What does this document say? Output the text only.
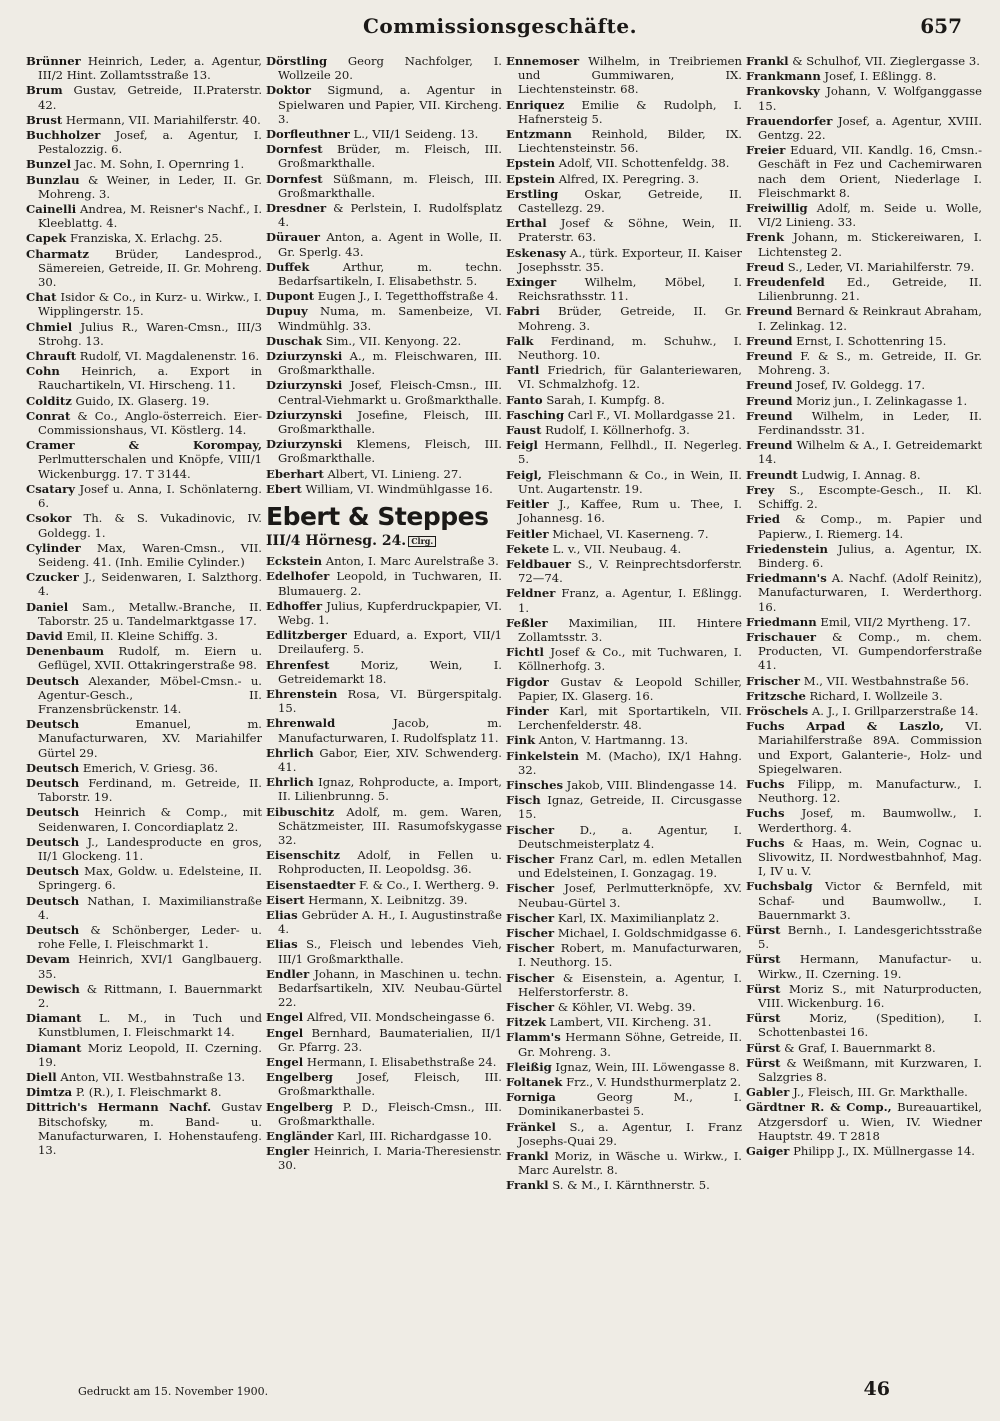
Commissionsgeschäfte.	657
Brünner Heinrich, Leder, a. Agentur, III/2 Hint. Zollamtsstraße 13.
Brum Gustav, Getreide, II.Praterstr. 42.
Brust Hermann, VII. Mariahilferstr. 40.
Buchholzer Josef, a. Agentur, I. Pestalozzig. 6.
Bunzel Jac. M. Sohn, I. Opernring 1.
Bunzlau & Weiner, in Leder, II. Gr. Mohreng. 3.
Cainelli Andrea, M. Reisner's Nachf., I. Kleeblattg. 4.
Capek Franziska, X. Erlachg. 25.
Charmatz Brüder, Landesprod., Sämereien, Getreide, II. Gr. Mohreng. 30.
Chat Isidor & Co., in Kurz- u. Wirkw., I. Wipplingerstr. 15.
Chmiel Julius R., Waren-Cmsn., III/3 Strohg. 13.
Chrauft Rudolf, VI. Magdalenenstr. 16.
Cohn Heinrich, a. Export in Rauchartikeln, VI. Hirscheng. 11.
Colditz Guido, IX. Glaserg. 19.
Conrat & Co., Anglo-österreich. Eier-Commissionshaus, VI. Köstlerg. 14.
Cramer & Korompay, Perlmutterschalen und Knöpfe, VIII/1 Wickenburgg. 17. T 3144.
Csatary Josef u. Anna, I. Schönlaterng. 6.
Csokor Th. & S. Vukadinovic, IV. Goldegg. 1.
Cylinder Max, Waren-Cmsn., VII. Seideng. 41. (Inh. Emilie Cylinder.)
Czucker J., Seidenwaren, I. Salzthorg. 4.
Daniel Sam., Metallw.-Branche, II. Taborstr. 25 u. Tandelmarktgasse 17.
David Emil, II. Kleine Schiffg. 3.
Denenbaum Rudolf, m. Eiern u. Geflügel, XVII. Ottakringerstraße 98.
Deutsch Alexander, Möbel-Cmsn.- u. Agentur-Gesch., II. Franzensbrückenstr. 14.
Deutsch Emanuel, m. Manufacturwaren, XV. Mariahilfer Gürtel 29.
Deutsch Emerich, V. Griesg. 36.
Deutsch Ferdinand, m. Getreide, II. Taborstr. 19.
Deutsch Heinrich & Comp., mit Seidenwaren, I. Concordiaplatz 2.
Deutsch J., Landesproducte en gros, II/1 Glockeng. 11.
Deutsch Max, Goldw. u. Edelsteine, II. Springerg. 6.
Deutsch Nathan, I. Maximilianstraße 4.
Deutsch & Schönberger, Leder- u. rohe Felle, I. Fleischmarkt 1.
Devam Heinrich, XVI/1 Ganglbauerg. 35.
Dewisch & Rittmann, I. Bauernmarkt 2.
Diamant L. M., in Tuch und Kunstblumen, I. Fleischmarkt 14.
Diamant Moriz Leopold, II. Czerning. 19.
Diell Anton, VII. Westbahnstraße 13.
Dimtza P. (R.), I. Fleischmarkt 8.
Dittrich's Hermann Nachf. Gustav Bitschofsky, m. Band- u. Manufacturwaren, I. Hohenstaufeng. 13.
Dörstling Georg Nachfolger, I. Wollzeile 20.
Doktor Sigmund, a. Agentur in Spielwaren und Papier, VII. Kircheng. 3.
Dorfleuthner L., VII/1 Seideng. 13.
Dornfest Brüder, m. Fleisch, III. Großmarkthalle.
Dornfest Süßmann, m. Fleisch, III. Großmarkthalle.
Dresdner & Perlstein, I. Rudolfsplatz 4.
Dürauer Anton, a. Agent in Wolle, II. Gr. Sperlg. 43.
Duffek Arthur, m. techn. Bedarfsartikeln, I. Elisabethstr. 5.
Dupont Eugen J., I. Tegetthoffstraße 4.
Dupuy Numa, m. Samenbeize, VI. Windmühlg. 33.
Duschak Sim., VII. Kenyong. 22.
Dziurzynski A., m. Fleischwaren, III. Großmarkthalle.
Dziurzynski Josef, Fleisch-Cmsn., III. Central-Viehmarkt u. Großmarkthalle.
Dziurzynski Josefine, Fleisch, III. Großmarkthalle.
Dziurzynski Klemens, Fleisch, III. Großmarkthalle.
Eberhart Albert, VI. Linieng. 27.
Ebert William, VI. Windmühlgasse 16.
Ebert & Steppes
III/4 Hörnesg. 24. Clrg.
Eckstein Anton, I. Marc Aurelstraße 3.
Edelhofer Leopold, in Tuchwaren, II. Blumauerg. 2.
Edhoffer Julius, Kupferdruckpapier, VI. Webg. 1.
Edlitzberger Eduard, a. Export, VII/1 Dreilauferg. 5.
Ehrenfest Moriz, Wein, I. Getreidemarkt 18.
Ehrenstein Rosa, VI. Bürgerspitalg. 15.
Ehrenwald Jacob, m. Manufacturwaren, I. Rudolfsplatz 11.
Ehrlich Gabor, Eier, XIV. Schwenderg. 41.
Ehrlich Ignaz, Rohproducte, a. Import, II. Lilienbrunng. 5.
Eibuschitz Adolf, m. gem. Waren, Schätzmeister, III. Rasumofskygasse 32.
Eisenschitz Adolf, in Fellen u. Rohproducten, II. Leopoldsg. 36.
Eisenstaedter F. & Co., I. Wertherg. 9.
Eisert Hermann, X. Leibnitzg. 39.
Elias Gebrüder A. H., I. Augustinstraße 4.
Elias S., Fleisch und lebendes Vieh, III/1 Großmarkthalle.
Endler Johann, in Maschinen u. techn. Bedarfsartikeln, XIV. Neubau-Gürtel 22.
Engel Alfred, VII. Mondscheingasse 6.
Engel Bernhard, Baumaterialien, II/1 Gr. Pfarrg. 23.
Engel Hermann, I. Elisabethstraße 24.
Engelberg Josef, Fleisch, III. Großmarkthalle.
Engelberg P. D., Fleisch-Cmsn., III. Großmarkthalle.
Engländer Karl, III. Richardgasse 10.
Engler Heinrich, I. Maria-Theresienstr. 30.
Ennemoser Wilhelm, in Treibriemen und Gummiwaren, IX. Liechtensteinstr. 68.
Enriquez Emilie & Rudolph, I. Hafnersteig 5.
Entzmann Reinhold, Bilder, IX. Liechtensteinstr. 56.
Epstein Adolf, VII. Schottenfeldg. 38.
Epstein Alfred, IX. Peregring. 3.
Erstling Oskar, Getreide, II. Castellezg. 29.
Erthal Josef & Söhne, Wein, II. Praterstr. 63.
Eskenasy A., türk. Exporteur, II. Kaiser Josephsstr. 35.
Exinger Wilhelm, Möbel, I. Reichsrathsstr. 11.
Fabri Brüder, Getreide, II. Gr. Mohreng. 3.
Falk Ferdinand, m. Schuhw., I. Neuthorg. 10.
Fantl Friedrich, für Galanteriewaren, VI. Schmalzhofg. 12.
Fanto Sarah, I. Kumpfg. 8.
Fasching Carl F., VI. Mollardgasse 21.
Faust Rudolf, I. Köllnerhofg. 3.
Feigl Hermann, Fellhdl., II. Negerleg. 5.
Feigl, Fleischmann & Co., in Wein, II. Unt. Augartenstr. 19.
Feitler J., Kaffee, Rum u. Thee, I. Johannesg. 16.
Feitler Michael, VI. Kaserneng. 7.
Fekete L. v., VII. Neubaug. 4.
Feldbauer S., V. Reinprechtsdorferstr. 72—74.
Feldner Franz, a. Agentur, I. Eßlingg. 1.
Feßler Maximilian, III. Hintere Zollamtsstr. 3.
Fichtl Josef & Co., mit Tuchwaren, I. Köllnerhofg. 3.
Figdor Gustav & Leopold Schiller, Papier, IX. Glaserg. 16.
Finder Karl, mit Sportartikeln, VII. Lerchenfelderstr. 48.
Fink Anton, V. Hartmanng. 13.
Finkelstein M. (Macho), IX/1 Hahng. 32.
Finsches Jakob, VIII. Blindengasse 14.
Fisch Ignaz, Getreide, II. Circusgasse 15.
Fischer D., a. Agentur, I. Deutschmeisterplatz 4.
Fischer Franz Carl, m. edlen Metallen und Edelsteinen, I. Gonzagag. 19.
Fischer Josef, Perlmutterknöpfe, XV. Neubau-Gürtel 3.
Fischer Karl, IX. Maximilianplatz 2.
Fischer Michael, I. Goldschmidgasse 6.
Fischer Robert, m. Manufacturwaren, I. Neuthorg. 15.
Fischer & Eisenstein, a. Agentur, I. Helferstorferstr. 8.
Fischer & Köhler, VI. Webg. 39.
Fitzek Lambert, VII. Kircheng. 31.
Flamm's Hermann Söhne, Getreide, II. Gr. Mohreng. 3.
Fleißig Ignaz, Wein, III. Löwengasse 8.
Foltanek Frz., V. Hundsthurmerplatz 2.
Forniga Georg M., I. Dominikanerbastei 5.
Fränkel S., a. Agentur, I. Franz Josephs-Quai 29.
Frankl Moriz, in Wäsche u. Wirkw., I. Marc Aurelstr. 8.
Frankl S. & M., I. Kärnthnerstr. 5.
Frankl & Schulhof, VII. Zieglergasse 3.
Frankmann Josef, I. Eßlingg. 8.
Frankovsky Johann, V. Wolfganggasse 15.
Frauendorfer Josef, a. Agentur, XVIII. Gentzg. 22.
Freier Eduard, VII. Kandlg. 16, Cmsn.-Geschäft in Fez und Cachemirwaren nach dem Orient, Niederlage I. Fleischmarkt 8.
Freiwillig Adolf, m. Seide u. Wolle, VI/2 Linieng. 33.
Frenk Johann, m. Stickereiwaren, I. Lichtensteg 2.
Freud S., Leder, VI. Mariahilferstr. 79.
Freudenfeld Ed., Getreide, II. Lilienbrunng. 21.
Freund Bernard & Reinkraut Abraham, I. Zelinkag. 12.
Freund Ernst, I. Schottenring 15.
Freund F. & S., m. Getreide, II. Gr. Mohreng. 3.
Freund Josef, IV. Goldegg. 17.
Freund Moriz jun., I. Zelinkagasse 1.
Freund Wilhelm, in Leder, II. Ferdinandsstr. 31.
Freund Wilhelm & A., I. Getreidemarkt 14.
Freundt Ludwig, I. Annag. 8.
Frey S., Escompte-Gesch., II. Kl. Schiffg. 2.
Fried & Comp., m. Papier und Papierw., I. Riemerg. 14.
Friedenstein Julius, a. Agentur, IX. Binderg. 6.
Friedmann's A. Nachf. (Adolf Reinitz), Manufacturwaren, I. Werderthorg. 16.
Friedmann Emil, VII/2 Myrtheng. 17.
Frischauer & Comp., m. chem. Producten, VI. Gumpendorferstraße 41.
Frischer M., VII. Westbahnstraße 56.
Fritzsche Richard, I. Wollzeile 3.
Fröschels A. J., I. Grillparzerstraße 14.
Fuchs Arpad & Laszlo, VI. Mariahilferstraße 89A. Commission und Export, Galanterie-, Holz- und Spiegelwaren.
Fuchs Filipp, m. Manufacturw., I. Neuthorg. 12.
Fuchs Josef, m. Baumwollw., I. Werderthorg. 4.
Fuchs & Haas, m. Wein, Cognac u. Slivowitz, II. Nordwestbahnhof, Mag. I, IV u. V.
Fuchsbalg Victor & Bernfeld, mit Schaf- und Baumwollw., I. Bauernmarkt 3.
Fürst Bernh., I. Landesgerichtsstraße 5.
Fürst Hermann, Manufactur- u. Wirkw., II. Czerning. 19.
Fürst Moriz S., mit Naturproducten, VIII. Wickenburg. 16.
Fürst Moriz, (Spedition), I. Schottenbastei 16.
Fürst & Graf, I. Bauernmarkt 8.
Fürst & Weißmann, mit Kurzwaren, I. Salzgries 8.
Gabler J., Fleisch, III. Gr. Markthalle.
Gärdtner R. & Comp., Bureauartikel, Atzgersdorf u. Wien, IV. Wiedner Hauptstr. 49. T 2818
Gaiger Philipp J., IX. Müllnergasse 14.
Gedruckt am 15. November 1900.	46
